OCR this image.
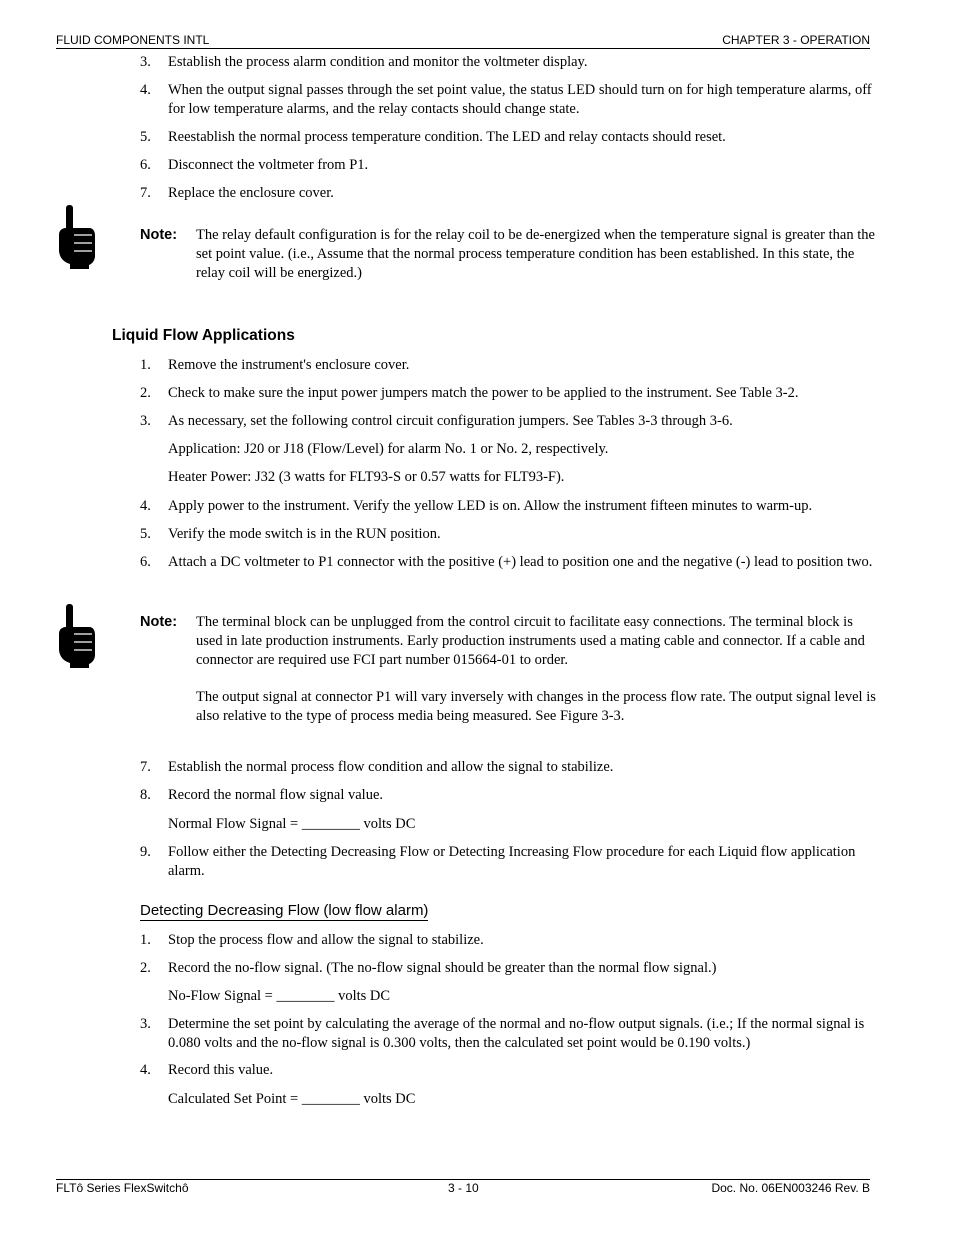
FLUID COMPONENTS INTL	CHAPTER 3 - OPERATION
3. Establish the process alarm condition and monitor the voltmeter display.
4. When the output signal passes through the set point value, the status LED should turn on for high temperature alarms, off for low temperature alarms, and the relay contacts should change state.
5. Reestablish the normal process temperature condition. The LED and relay contacts should reset.
6. Disconnect the voltmeter from P1.
7. Replace the enclosure cover.
Note: The relay default configuration is for the relay coil to be de-energized when the temperature signal is greater than the set point value. (i.e., Assume that the normal process temperature condition has been established. In this state, the relay coil will be energized.)
Liquid Flow Applications
1. Remove the instrument's enclosure cover.
2. Check to make sure the input power jumpers match the power to be applied to the instrument. See Table 3-2.
3. As necessary, set the following control circuit configuration jumpers. See Tables 3-3 through 3-6.
Application: J20 or J18 (Flow/Level) for alarm No. 1 or No. 2, respectively.
Heater Power: J32 (3 watts for FLT93-S or 0.57 watts for FLT93-F).
4. Apply power to the instrument. Verify the yellow LED is on. Allow the instrument fifteen minutes to warm-up.
5. Verify the mode switch is in the RUN position.
6. Attach a DC voltmeter to P1 connector with the positive (+) lead to position one and the negative (-) lead to position two.
Note: The terminal block can be unplugged from the control circuit to facilitate easy connections. The terminal block is used in late production instruments. Early production instruments used a mating cable and connector. If a cable and connector are required use FCI part number 015664-01 to order.
The output signal at connector P1 will vary inversely with changes in the process flow rate. The output signal level is also relative to the type of process media being measured. See Figure 3-3.
7. Establish the normal process flow condition and allow the signal to stabilize.
8. Record the normal flow signal value.
Normal Flow Signal = ________ volts DC
9. Follow either the Detecting Decreasing Flow or Detecting Increasing Flow procedure for each Liquid flow application alarm.
Detecting Decreasing Flow (low flow alarm)
1. Stop the process flow and allow the signal to stabilize.
2. Record the no-flow signal. (The no-flow signal should be greater than the normal flow signal.)
No-Flow Signal = ________ volts DC
3. Determine the set point by calculating the average of the normal and no-flow output signals. (i.e.; If the normal signal is 0.080 volts and the no-flow signal is 0.300 volts, then the calculated set point would be 0.190 volts.)
4. Record this value.
Calculated Set Point = ________ volts DC
FLTô Series FlexSwitchô	3 - 10	Doc. No. 06EN003246 Rev. B
